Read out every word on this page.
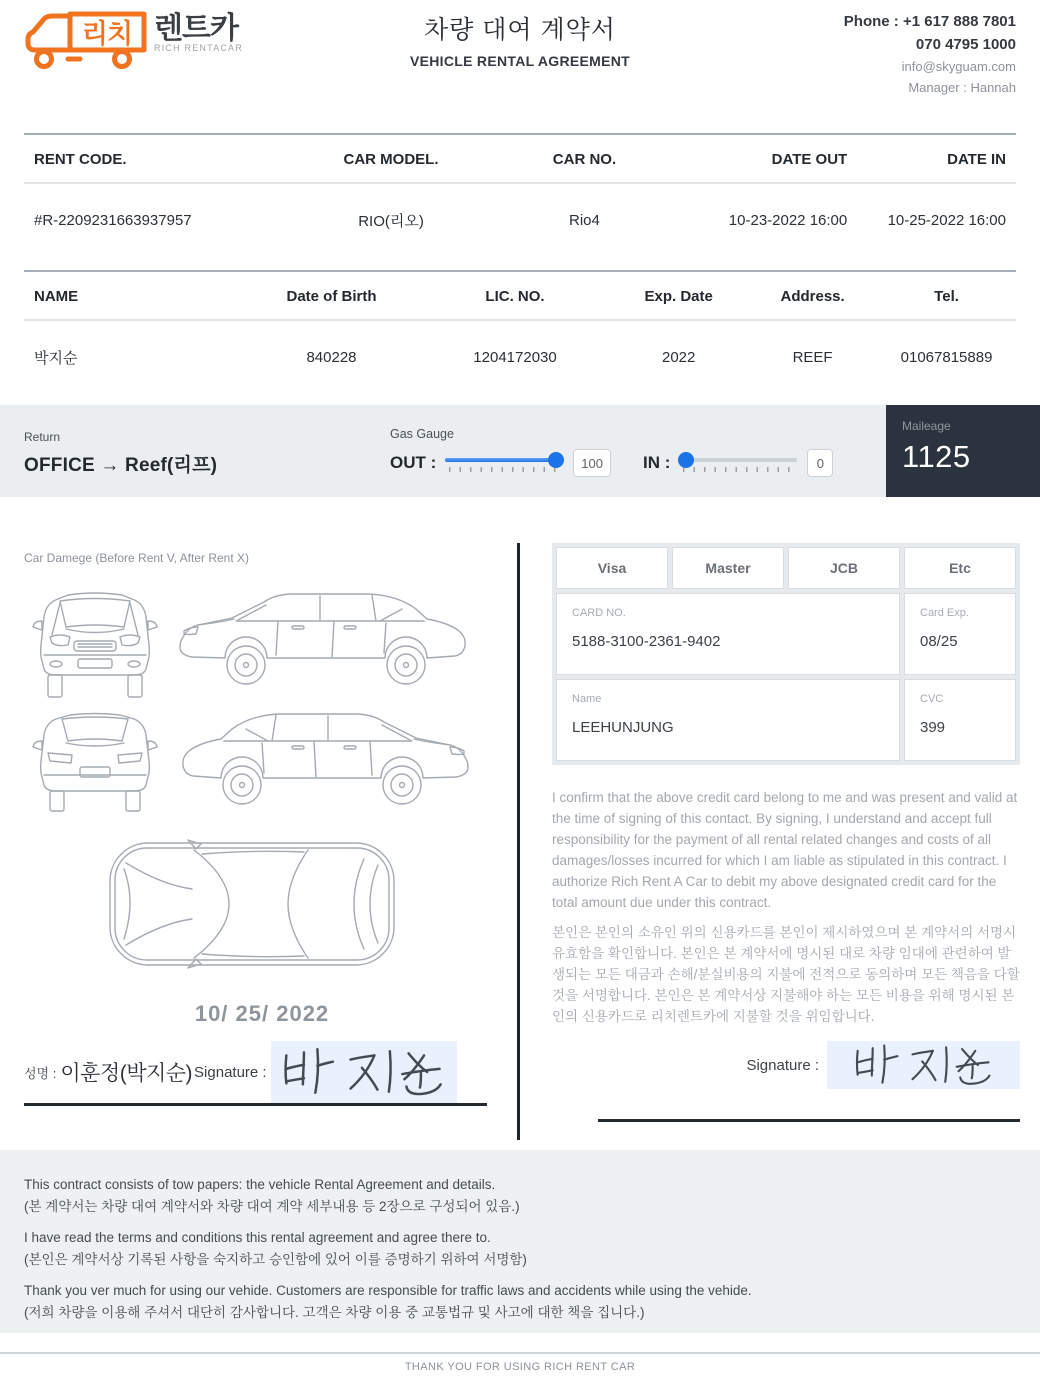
리치 렌트카
RICH RENTACAR
차량 대여 계약서
VEHICLE RENTAL AGREEMENT
Phone : +1 617 888 7801
070 4795 1000
info@skyguam.com
Manager : Hannah
RENT CODE.	CAR MODEL.	CAR NO.	DATE OUT	DATE IN
#R-2209231663937957	RIO(리오)	Rio4	10-23-2022 16:00	10-25-2022 16:00
NAME	Date of Birth	LIC. NO.	Exp. Date	Address.	Tel.
박지순	840228	1204172030	2022	REEF	01067815889
Return
OFFICE → Reef(리프)
Gas Gauge
OUT :	100	IN :	0
Maileage
1125
Car Damege (Before Rent V, After Rent X)
10/ 25/ 2022
성명 : 이훈정(박지순) Signature :
Visa	Master	JCB	Etc
CARD NO.
5188-3100-2361-9402
Card Exp.
08/25
Name
LEEHUNJUNG
CVC
399

I confirm that the above credit card belong to me and was present and valid at the time of signing of this contact. By signing, I understand and accept full responsibility for the payment of all rental related changes and costs of all damages/losses incurred for which I am liable as stipulated in this contract. I authorize Rich Rent A Car to debit my above designated credit card for the total amount due under this contract.

본인은 본인의 소유인 위의 신용카드를 본인이 제시하였으며 본 계약서의 서명시 유효함을 확인합니다. 본인은 본 계약서에 명시된 대로 차량 임대에 관련하여 발생되는 모든 대금과 손해/분실비용의 지불에 전적으로 동의하며 모든 책음을 다할 것을 서명합니다. 본인은 본 계약서상 지불해야 하는 모든 비용을 위해 명시된 본인의 신용카드로 리치렌트카에 지불할 것을 위임합니다.

Signature :
This contract consists of tow papers: the vehicle Rental Agreement and details.
(본 계약서는 차량 대여 계약서와 차량 대여 계약 세부내용 등 2장으로 구성되어 있음.)
I have read the terms and conditions this rental agreement and agree there to.
(본인은 계약서상 기록된 사항을 숙지하고 승인함에 있어 이를 증명하기 위하여 서명함)
Thank you ver much for using our vehide. Customers are responsible for traffic laws and accidents while using the vehide.
(저희 차량을 이용해 주셔서 대단히 감사합니다. 고객은 차량 이용 중 교통법규 및 사고에 대한 책을 집니다.)
THANK YOU FOR USING RICH RENT CAR
